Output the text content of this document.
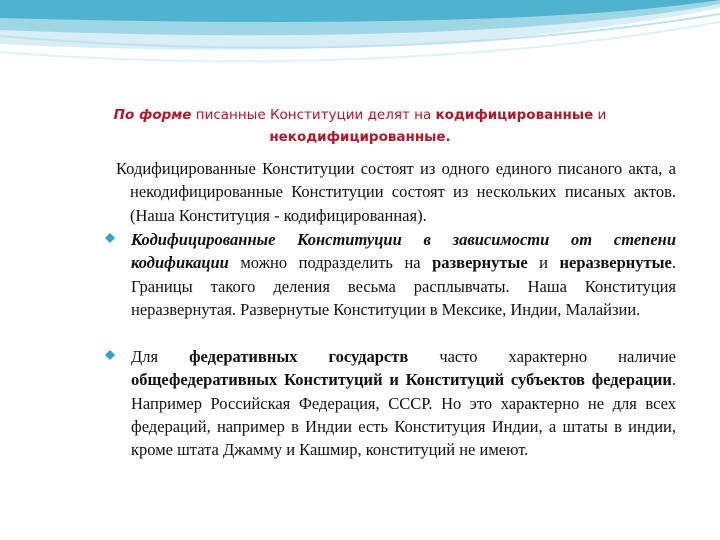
По форме писанные Конституции делят на кодифицированные и
некодифицированные.
Кодифицированные Конституции состоят из одного единого писаного акта, а некодифицированные Конституции состоят из нескольких писаных актов. (Наша Конституция - кодифицированная).
Кодифицированные Конституции в зависимости от степени кодификации можно подразделить на развернутые и неразвернутые. Границы такого деления весьма расплывчаты. Наша Конституция неразвернутая. Развернутые Конституции в Мексике, Индии, Малайзии.
Для федеративных государств часто характерно наличие общефедеративных Конституций и Конституций субъектов федерации. Например Российская Федерация, СССР. Но это характерно не для всех федераций, например в Индии есть Конституция Индии, а штаты в индии, кроме штата Джамму и Кашмир, конституций не имеют.
